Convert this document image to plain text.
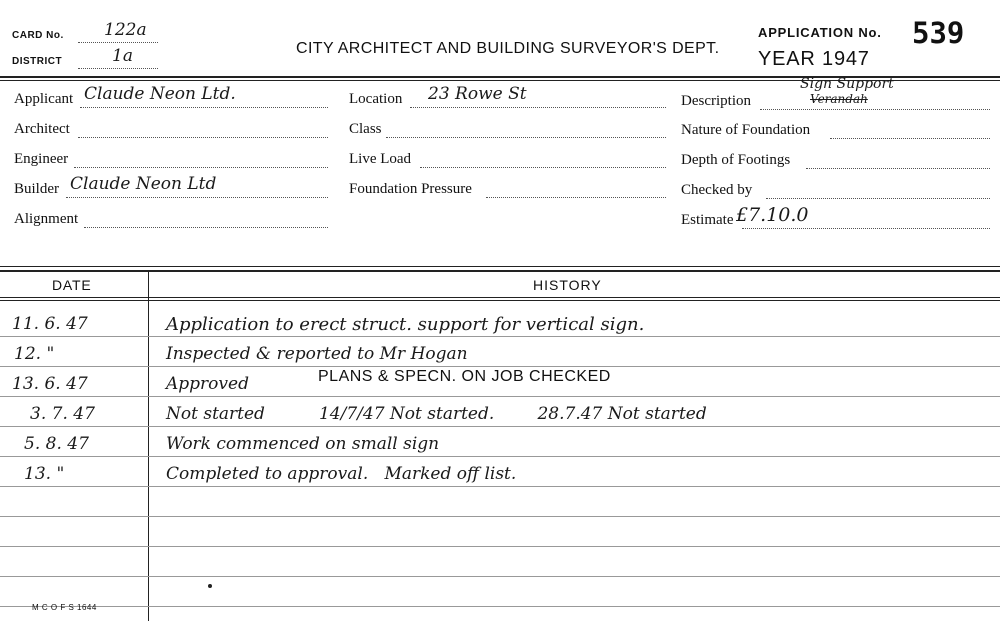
CARD No. 122a
DISTRICT	1a	CITY ARCHITECT AND BUILDING SURVEYOR'S DEPT.
APPLICATION No. 539
YEAR 1947
Applicant Claude Neon Ltd.
Architect
Engineer
Builder Claude Neon Ltd
Alignment
Location 23 Rowe St
Class
Live Load
Foundation Pressure
Description
Sign Support
Verandah
Nature of Foundation
Depth of Footings
Checked by
Estimate £7.10.0
DATE	HISTORY
11. 6. 47	Application to erect struct. support for vertical sign.
12. "	Inspected & reported to Mr Hogan
13. 6. 47	Approved	PLANS & SPECN. ON JOB CHECKED
3. 7. 47	Not started          14/7/47 Not started.        28.7.47 Not started
5. 8. 47	Work commenced on small sign
13. "	Completed to approval.   Marked off list.
M C O F S 1644
